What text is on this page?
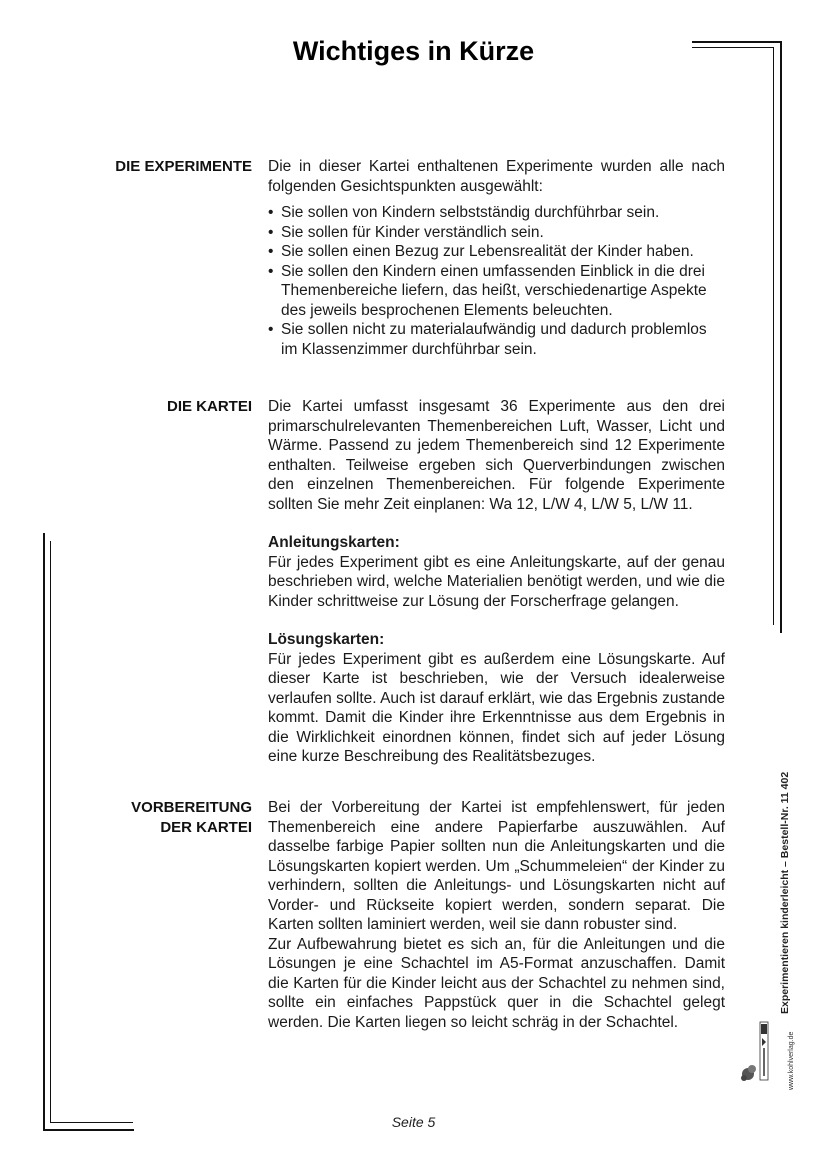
Wichtiges in Kürze
DIE EXPERIMENTE Die in dieser Kartei enthaltenen Experimente wurden alle nach folgenden Gesichtspunkten ausgewählt:

• Sie sollen von Kindern selbstständig durchführbar sein.
• Sie sollen für Kinder verständlich sein.
• Sie sollen einen Bezug zur Lebensrealität der Kinder haben.
• Sie sollen den Kindern einen umfassenden Einblick in die drei Themenbereiche liefern, das heißt, verschiedenartige Aspekte des jeweils besprochenen Elements beleuchten.
• Sie sollen nicht zu materialaufwändig und dadurch problemlos im Klassenzimmer durchführbar sein.
DIE KARTEI Die Kartei umfasst insgesamt 36 Experimente aus den drei primarschulrelevanten Themenbereichen Luft, Wasser, Licht und Wärme. Passend zu jedem Themenbereich sind 12 Experimente enthalten. Teilweise ergeben sich Querverbindungen zwischen den einzelnen Themenbereichen. Für folgende Experimente sollten Sie mehr Zeit einplanen: Wa 12, L/W 4, L/W 5, L/W 11.

Anleitungskarten:

Für jedes Experiment gibt es eine Anleitungskarte, auf der genau beschrieben wird, welche Materialien benötigt werden, und wie die Kinder schrittweise zur Lösung der Forscherfrage gelangen.

Lösungskarten:

Für jedes Experiment gibt es außerdem eine Lösungskarte. Auf dieser Karte ist beschrieben, wie der Versuch idealerweise verlaufen sollte. Auch ist darauf erklärt, wie das Ergebnis zustande kommt. Damit die Kinder ihre Erkenntnisse aus dem Ergebnis in die Wirklichkeit einordnen können, findet sich auf jeder Lösung eine kurze Beschreibung des Realitätsbezuges.

VORBEREITUNG
DER KARTEI

Bei der Vorbereitung der Kartei ist empfehlenswert, für jeden Themenbereich eine andere Papierfarbe auszuwählen. Auf dasselbe farbige Papier sollten nun die Anleitungskarten und die Lösungskarten kopiert werden. Um „Schummeleien“ der Kinder zu verhindern, sollten die Anleitungs- und Lösungskarten nicht auf Vorder- und Rückseite kopiert werden, sondern separat. Die Karten sollten laminiert werden, weil sie dann robuster sind.

Zur Aufbewahrung bietet es sich an, für die Anleitungen und die Lösungen je eine Schachtel im A5-Format anzuschaffen. Damit die Karten für die Kinder leicht aus der Schachtel zu nehmen sind, sollte ein einfaches Pappstück quer in die Schachtel gelegt werden. Die Karten liegen so leicht schräg in der Schachtel.

Experimentieren kinderleicht – Bestell-Nr. 11 402
www.kohlverlag.de
Seite 5
